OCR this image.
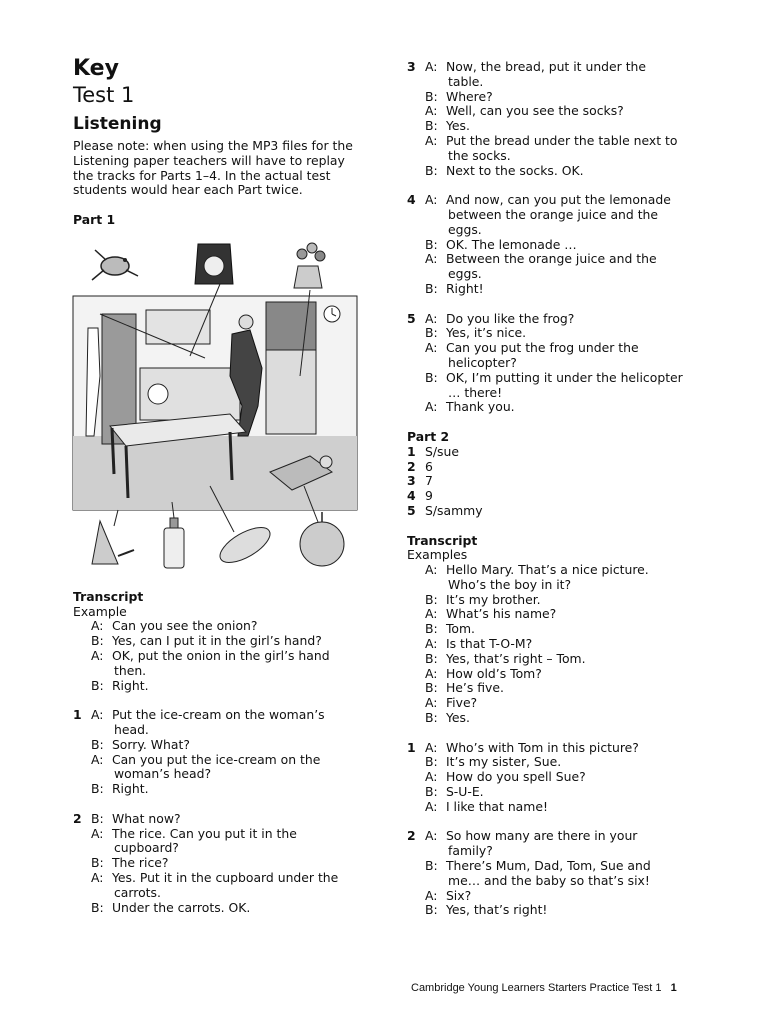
Key
Test 1
Listening

Please note: when using the MP3 files for the Listening paper teachers will have to replay the tracks for Parts 1–4. In the actual test students would hear each Part twice.

Part 1
Transcript
Example
A: Can you see the onion?
B: Yes, can I put it in the girl’s hand?
A: OK, put the onion in the girl’s hand
then.
B: Right.
1 A: Put the ice-cream on the woman’s
head.
B: Sorry. What?
A: Can you put the ice-cream on the
woman’s head?
B: Right.
2 B: What now?
A: The rice. Can you put it in the
cupboard?
B: The rice?
A: Yes. Put it in the cupboard under the
carrots.
B: Under the carrots. OK.
3 A: Now, the bread, put it under the
table.
B: Where?
A: Well, can you see the socks?
B: Yes.
A: Put the bread under the table next to
the socks.
B: Next to the socks. OK.
4 A: And now, can you put the lemonade
between the orange juice and the
eggs.
B: OK. The lemonade …
A: Between the orange juice and the
eggs.
B: Right!
5 A: Do you like the frog?
B: Yes, it’s nice.
A: Can you put the frog under the
helicopter?
B: OK, I’m putting it under the helicopter
… there!
A: Thank you.
Part 2
1 S/sue
2 6
3 7
4 9
5 S/sammy
Transcript
Examples
A: Hello Mary. That’s a nice picture.
Who’s the boy in it?
B: It’s my brother.
A: What’s his name?
B: Tom.
A: Is that T-O-M?
B: Yes, that’s right – Tom.
A: How old’s Tom?
B: He’s five.
A: Five?
B: Yes.
1 A: Who’s with Tom in this picture?
B: It’s my sister, Sue.
A: How do you spell Sue?
B: S-U-E.
A: I like that name!
2 A: So how many are there in your
family?
B: There’s Mum, Dad, Tom, Sue and
me… and the baby so that’s six!
A: Six?
B: Yes, that’s right!
Cambridge Young Learners Starters Practice Test 1 1
